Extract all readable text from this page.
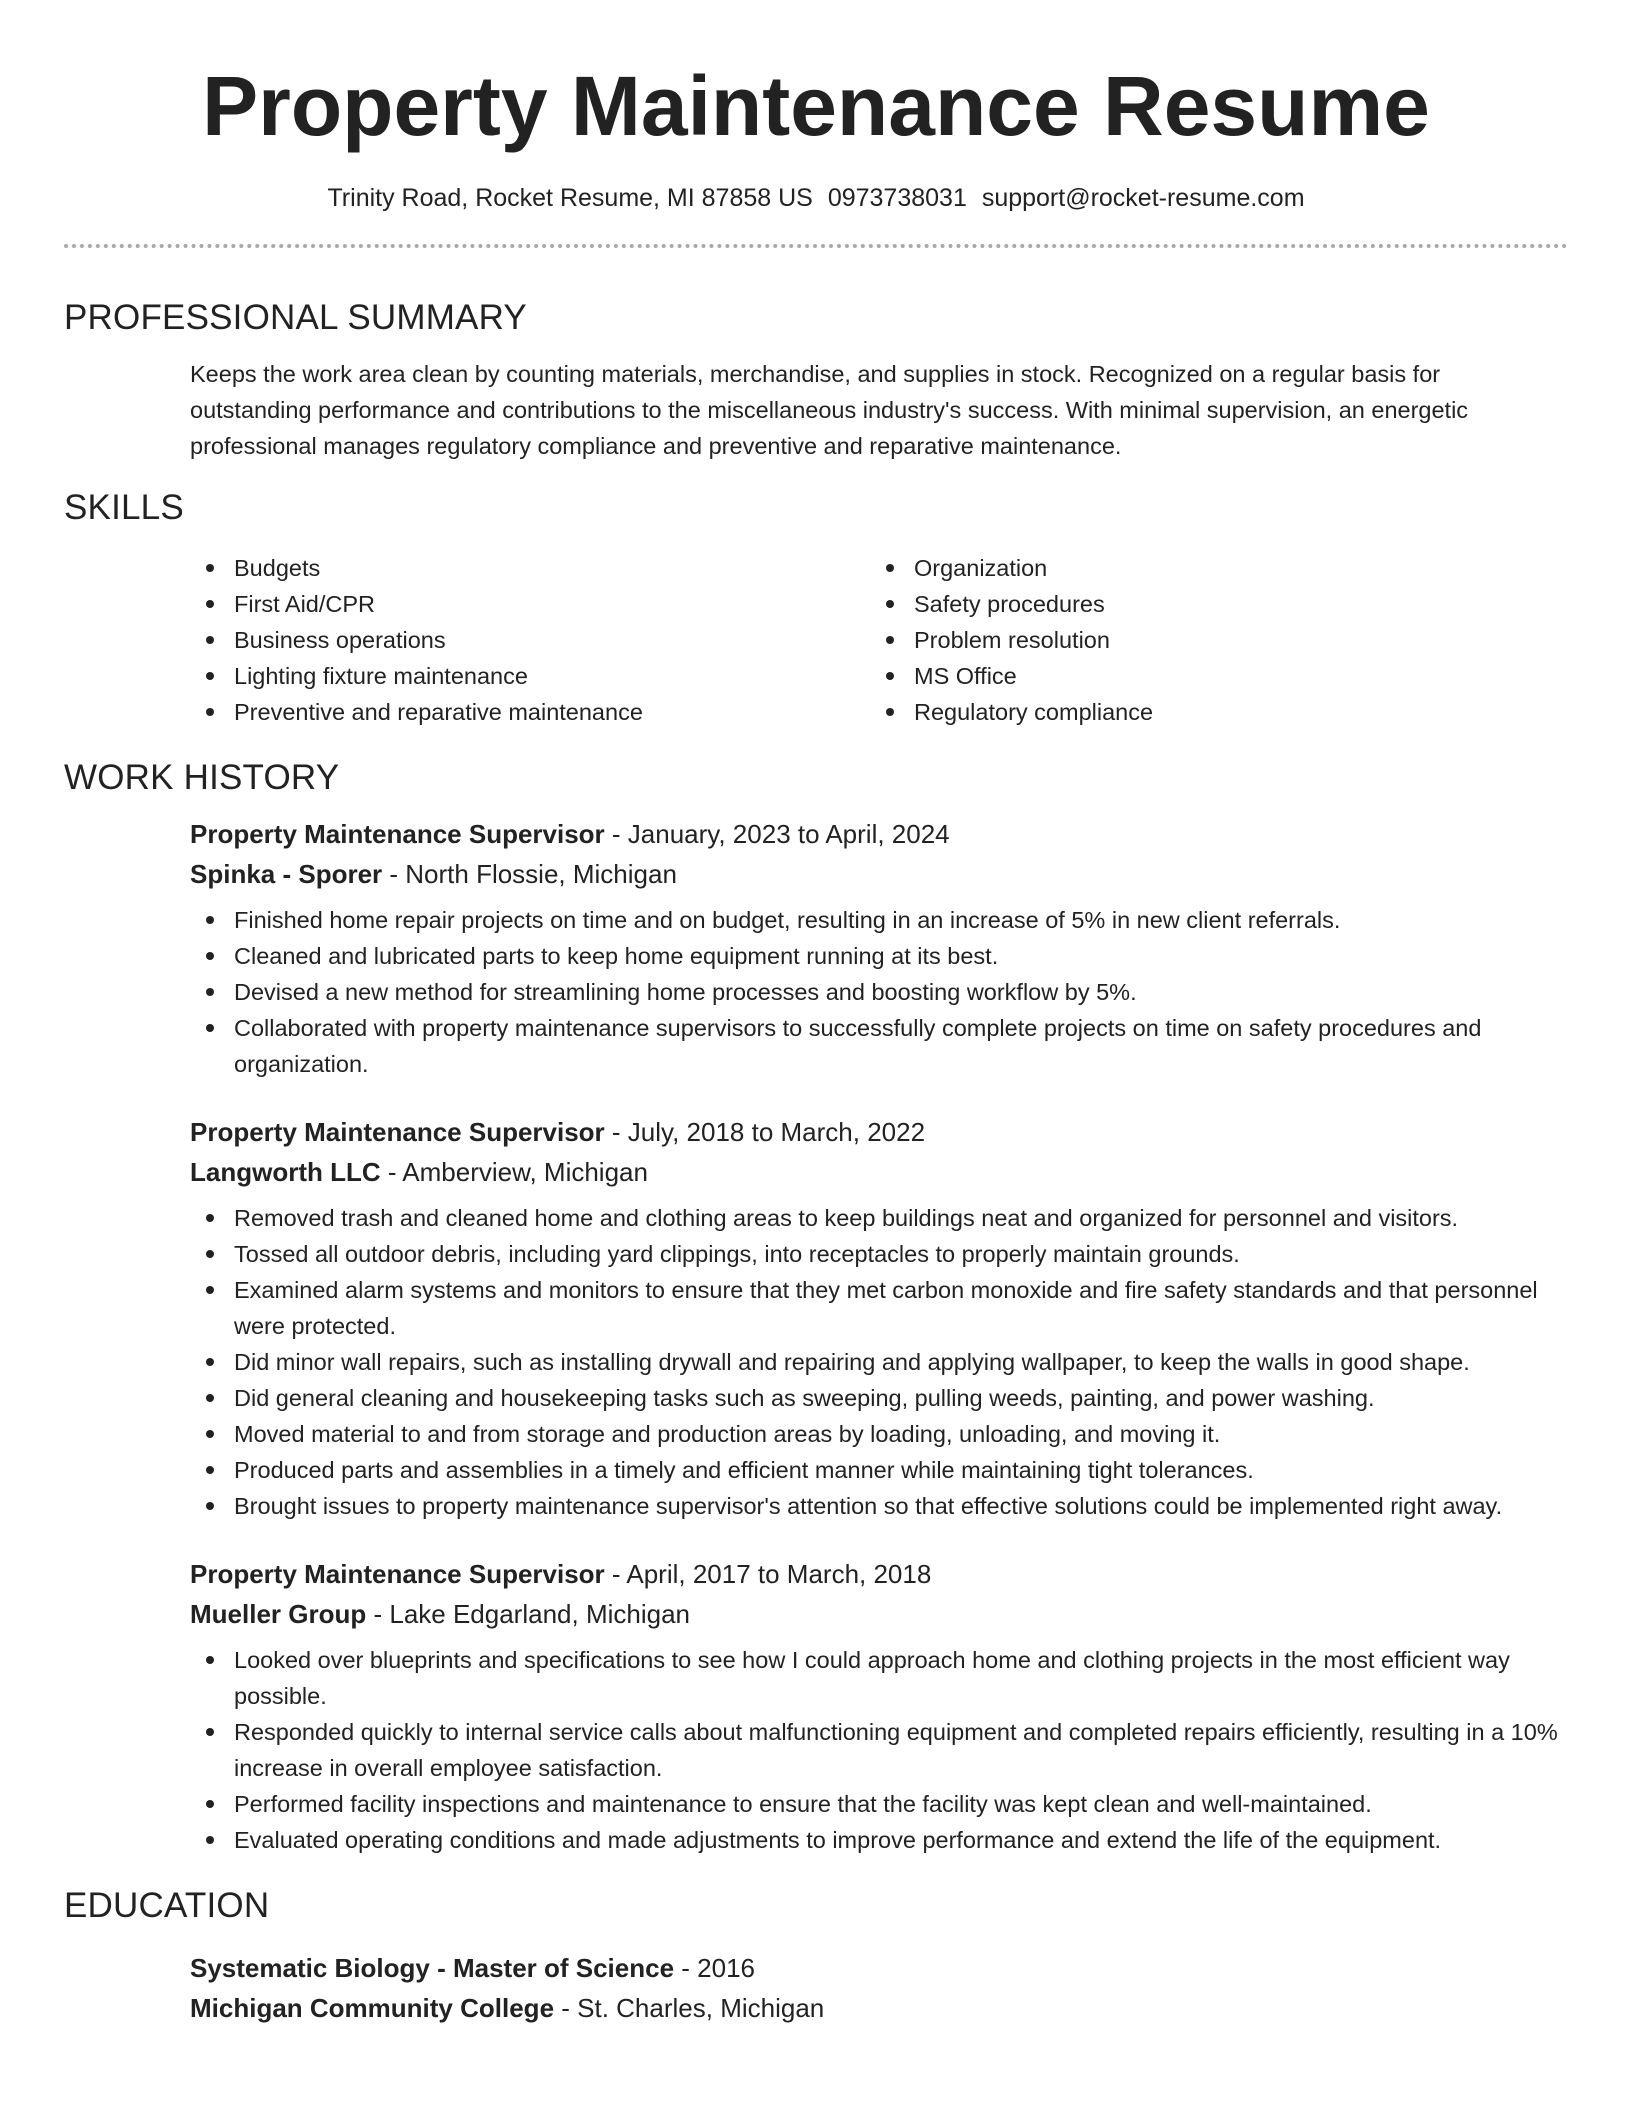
Property Maintenance Resume
Trinity Road, Rocket Resume, MI 87858 US 0973738031 support@rocket-resume.com
PROFESSIONAL SUMMARY
Keeps the work area clean by counting materials, merchandise, and supplies in stock. Recognized on a regular basis for outstanding performance and contributions to the miscellaneous industry's success. With minimal supervision, an energetic professional manages regulatory compliance and preventive and reparative maintenance.
SKILLS
Budgets
First Aid/CPR
Business operations
Lighting fixture maintenance
Preventive and reparative maintenance
Organization
Safety procedures
Problem resolution
MS Office
Regulatory compliance
WORK HISTORY
Property Maintenance Supervisor - January, 2023 to April, 2024
Spinka - Sporer - North Flossie, Michigan
Finished home repair projects on time and on budget, resulting in an increase of 5% in new client referrals.
Cleaned and lubricated parts to keep home equipment running at its best.
Devised a new method for streamlining home processes and boosting workflow by 5%.
Collaborated with property maintenance supervisors to successfully complete projects on time on safety procedures and organization.
Property Maintenance Supervisor - July, 2018 to March, 2022
Langworth LLC - Amberview, Michigan
Removed trash and cleaned home and clothing areas to keep buildings neat and organized for personnel and visitors.
Tossed all outdoor debris, including yard clippings, into receptacles to properly maintain grounds.
Examined alarm systems and monitors to ensure that they met carbon monoxide and fire safety standards and that personnel were protected.
Did minor wall repairs, such as installing drywall and repairing and applying wallpaper, to keep the walls in good shape.
Did general cleaning and housekeeping tasks such as sweeping, pulling weeds, painting, and power washing.
Moved material to and from storage and production areas by loading, unloading, and moving it.
Produced parts and assemblies in a timely and efficient manner while maintaining tight tolerances.
Brought issues to property maintenance supervisor's attention so that effective solutions could be implemented right away.
Property Maintenance Supervisor - April, 2017 to March, 2018
Mueller Group - Lake Edgarland, Michigan
Looked over blueprints and specifications to see how I could approach home and clothing projects in the most efficient way possible.
Responded quickly to internal service calls about malfunctioning equipment and completed repairs efficiently, resulting in a 10% increase in overall employee satisfaction.
Performed facility inspections and maintenance to ensure that the facility was kept clean and well-maintained.
Evaluated operating conditions and made adjustments to improve performance and extend the life of the equipment.
EDUCATION
Systematic Biology - Master of Science - 2016
Michigan Community College - St. Charles, Michigan
